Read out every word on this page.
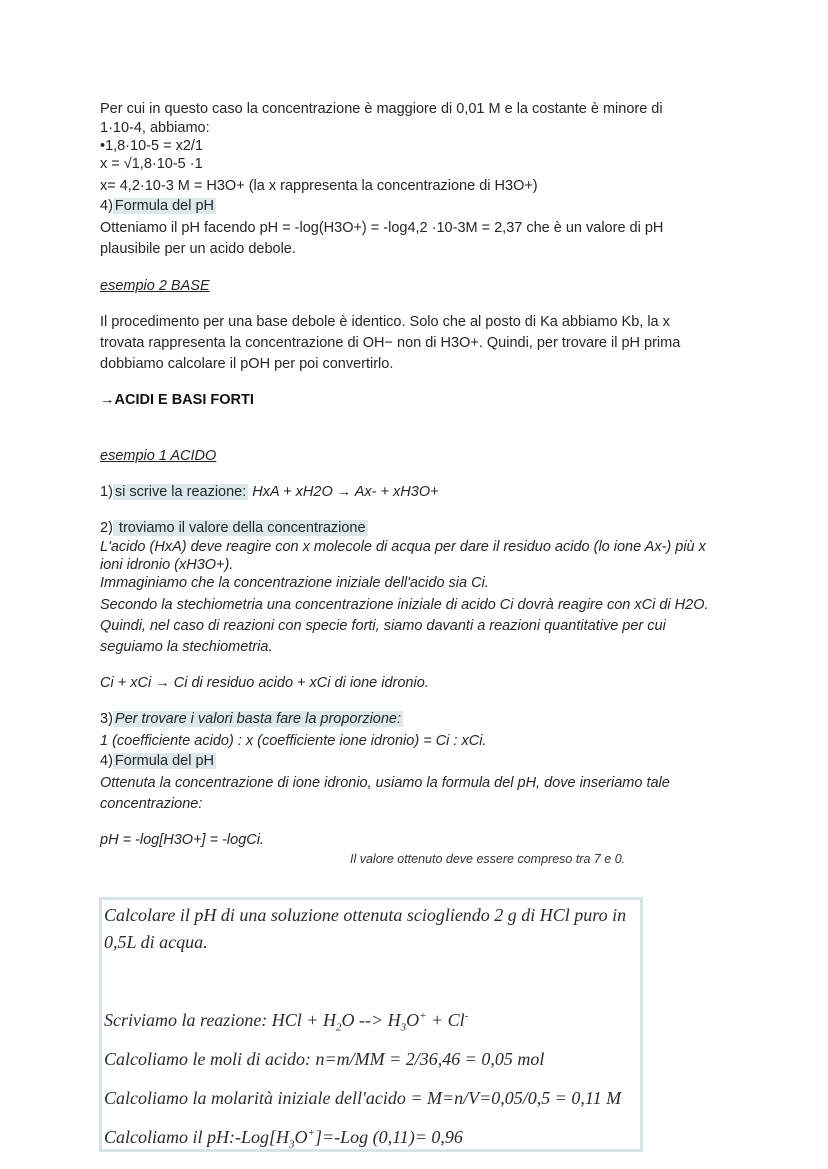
Per cui in questo caso la concentrazione è maggiore di 0,01 M e la costante è minore di
1·10-4, abbiamo:
•1,8·10-5 = x2/1
x = √1,8·10-5 ·1
x= 4,2·10-3 M = H3O+ (la x rappresenta la concentrazione di H3O+)
4) Formula del pH
Otteniamo il pH facendo pH = -log(H3O+) = -log4,2 ·10-3M = 2,37 che è un valore di pH
plausibile per un acido debole.
esempio 2 BASE
Il procedimento per una base debole è identico. Solo che al posto di Ka abbiamo Kb, la x
trovata rappresenta la concentrazione di OH− non di H3O+. Quindi, per trovare il pH prima
dobbiamo calcolare il pOH per poi convertirlo.
→ACIDI E BASI FORTI
esempio 1 ACIDO
1) si scrive la reazione: HxA + xH2O → Ax- + xH3O+
2) troviamo il valore della concentrazione
L'acido (HxA) deve reagire con x molecole di acqua per dare il residuo acido (lo ione Ax-) più x
ioni idronio (xH3O+).
Immaginiamo che la concentrazione iniziale dell'acido sia Ci.
Secondo la stechiometria una concentrazione iniziale di acido Ci dovrà reagire con xCi di H2O.
Quindi, nel caso di reazioni con specie forti, siamo davanti a reazioni quantitative per cui
seguiamo la stechiometria.
Ci + xCi → Ci di residuo acido + xCi di ione idronio.
3) Per trovare i valori basta fare la proporzione:
1 (coefficiente acido) : x (coefficiente ione idronio) = Ci : xCi.
4) Formula del pH
Ottenuta la concentrazione di ione idronio, usiamo la formula del pH, dove inseriamo tale
concentrazione:
pH = -log[H3O+] = -logCi.
Il valore ottenuto deve essere compreso tra 7 e 0.
Calcolare il pH di una soluzione ottenuta sciogliendo 2 g di HCl puro in
0,5L di acqua.
Scriviamo la reazione: HCl + $H_2O$ --> $H_3O^+ + Cl^-$
Calcoliamo le moli di acido: n=m/MM = 2/36,46 = 0,05 mol
Calcoliamo la molarità iniziale dell'acido = M=n/V=0,05/0,5 = 0,11 M
Calcoliamo il $pH:-Log[H_3O^+]=$-Log (0,11)= 0,96
